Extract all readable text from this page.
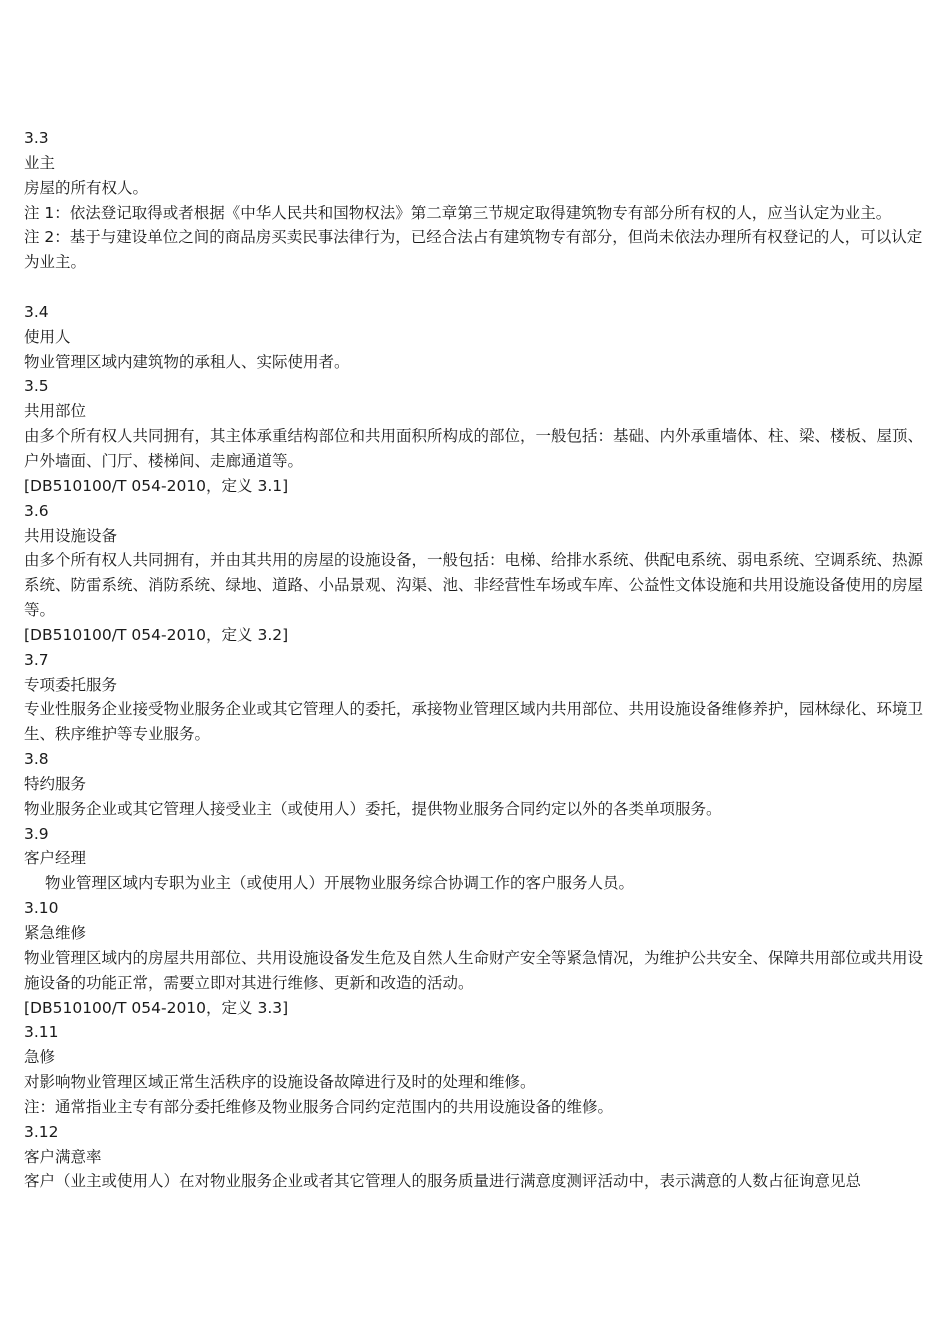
3.3
业主
房屋的所有权人。
注 1：依法登记取得或者根据《中华人民共和国物权法》第二章第三节规定取得建筑物专有部分所有权的人，应当认定为业主。
注 2：基于与建设单位之间的商品房买卖民事法律行为，已经合法占有建筑物专有部分，但尚未依法办理所有权登记的人，可以认定为业主。
3.4
使用人
物业管理区域内建筑物的承租人、实际使用者。
3.5
共用部位
由多个所有权人共同拥有，其主体承重结构部位和共用面积所构成的部位，一般包括：基础、内外承重墙体、柱、梁、楼板、屋顶、户外墙面、门厅、楼梯间、走廊通道等。
[DB510100/T 054-2010，定义 3.1]
3.6
共用设施设备
由多个所有权人共同拥有，并由其共用的房屋的设施设备，一般包括：电梯、给排水系统、供配电系统、弱电系统、空调系统、热源系统、防雷系统、消防系统、绿地、道路、小品景观、沟渠、池、非经营性车场或车库、公益性文体设施和共用设施设备使用的房屋等。
[DB510100/T 054-2010，定义 3.2]
3.7
专项委托服务
专业性服务企业接受物业服务企业或其它管理人的委托，承接物业管理区域内共用部位、共用设施设备维修养护，园林绿化、环境卫生、秩序维护等专业服务。
3.8
特约服务
物业服务企业或其它管理人接受业主（或使用人）委托，提供物业服务合同约定以外的各类单项服务。
3.9
客户经理
物业管理区域内专职为业主（或使用人）开展物业服务综合协调工作的客户服务人员。
3.10
紧急维修
物业管理区域内的房屋共用部位、共用设施设备发生危及自然人生命财产安全等紧急情况，为维护公共安全、保障共用部位或共用设施设备的功能正常，需要立即对其进行维修、更新和改造的活动。
[DB510100/T 054-2010，定义 3.3]
3.11
急修
对影响物业管理区域正常生活秩序的设施设备故障进行及时的处理和维修。
注：通常指业主专有部分委托维修及物业服务合同约定范围内的共用设施设备的维修。
3.12
客户满意率
客户（业主或使用人）在对物业服务企业或者其它管理人的服务质量进行满意度测评活动中，表示满意的人数占征询意见总
